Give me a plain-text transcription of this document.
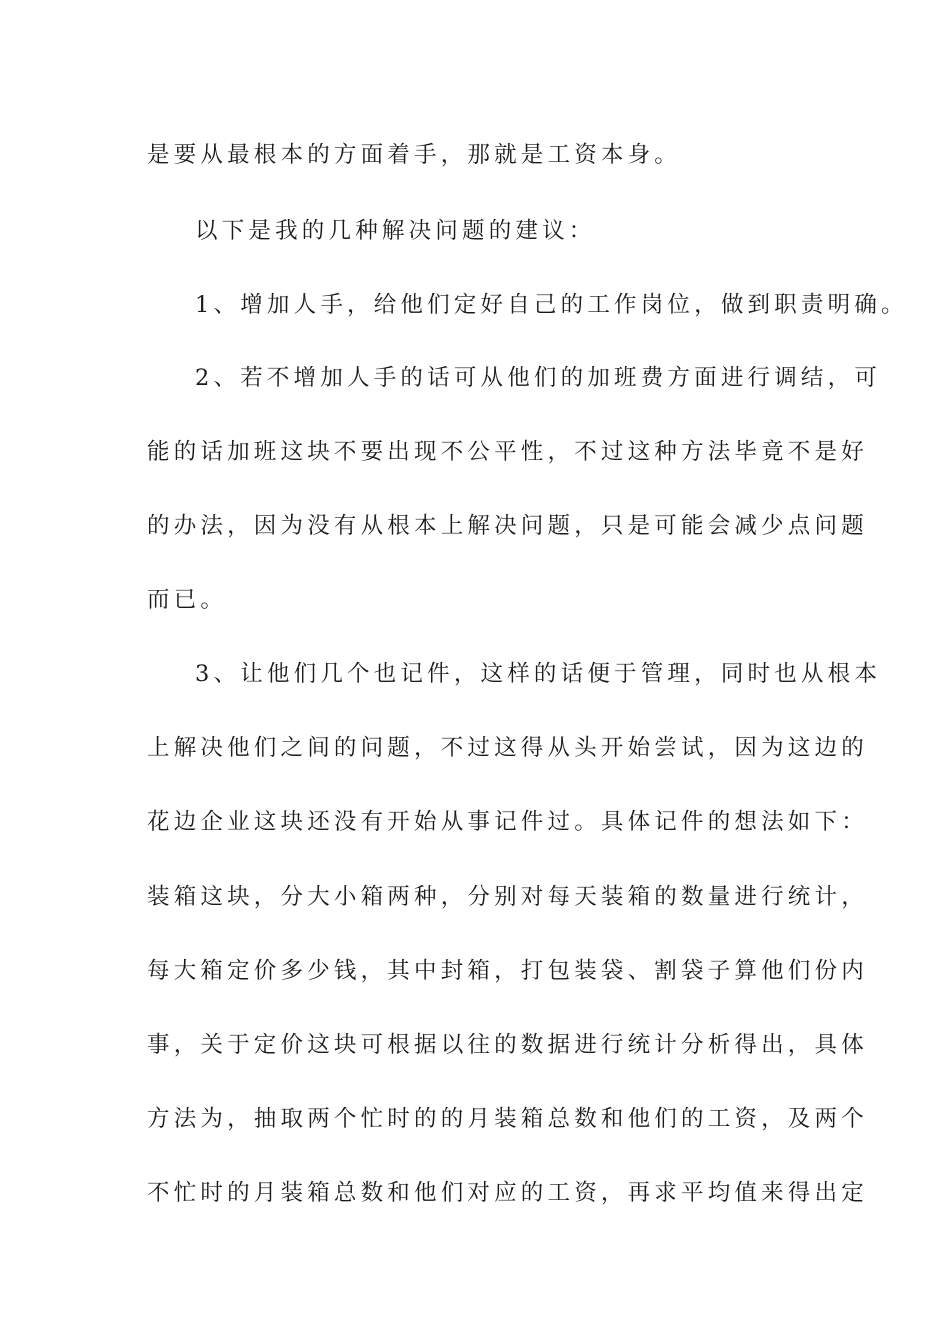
是要从最根本的方面着手，那就是工资本身。
以下是我的几种解决问题的建议：
1、增加人手，给他们定好自己的工作岗位，做到职责明确。
2、若不增加人手的话可从他们的加班费方面进行调结，可
能的话加班这块不要出现不公平性，不过这种方法毕竟不是好
的办法，因为没有从根本上解决问题，只是可能会减少点问题
而已。
3、让他们几个也记件，这样的话便于管理，同时也从根本
上解决他们之间的问题，不过这得从头开始尝试，因为这边的
花边企业这块还没有开始从事记件过。具体记件的想法如下：
装箱这块，分大小箱两种，分别对每天装箱的数量进行统计，
每大箱定价多少钱，其中封箱，打包装袋、割袋子算他们份内
事，关于定价这块可根据以往的数据进行统计分析得出，具体
方法为，抽取两个忙时的的月装箱总数和他们的工资，及两个
不忙时的月装箱总数和他们对应的工资，再求平均值来得出定
